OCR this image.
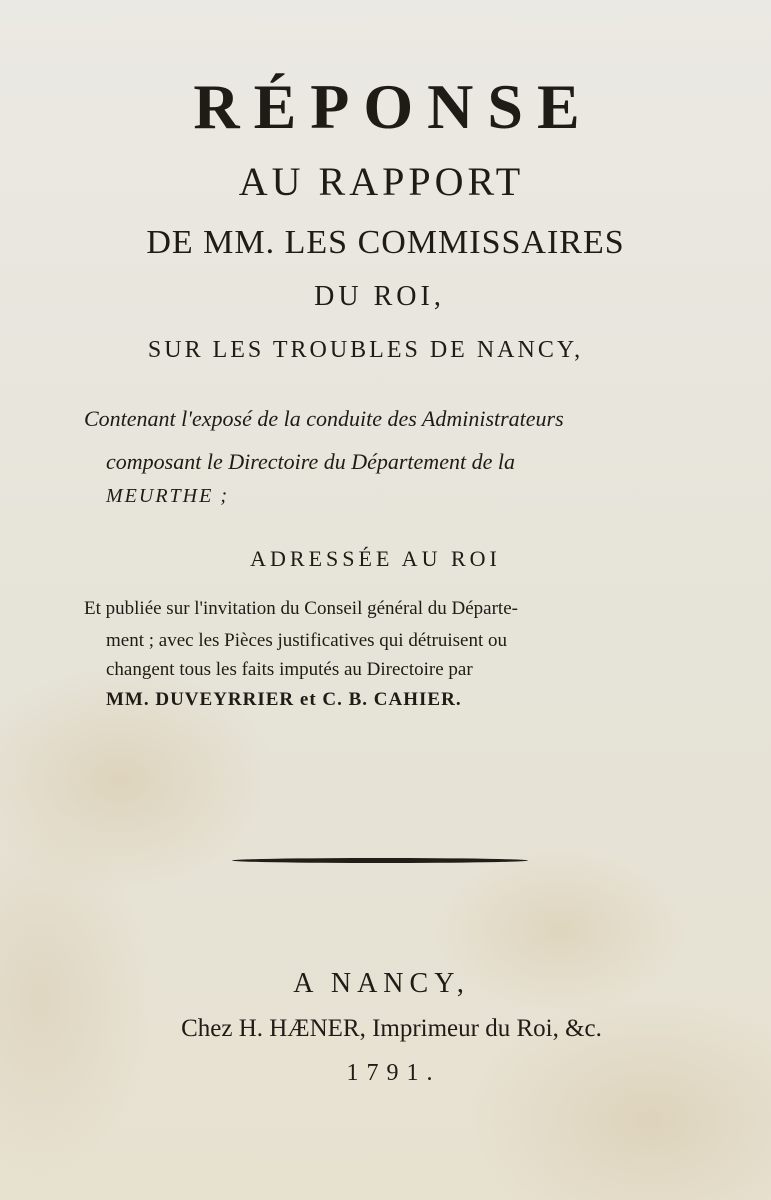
RÉPONSE
AU RAPPORT
DE MM. LES COMMISSAIRES
DU ROI,
SUR LES TROUBLES DE NANCY,
Contenant l'exposé de la conduite des Administrateurs
composant le Directoire du Département de la
MEURTHE ;
ADRESSÉE AU ROI
Et publiée sur l'invitation du Conseil général du Départe-
ment ; avec les Pièces justificatives qui détruisent ou
changent tous les faits imputés au Directoire par
MM. DUVEYRRIER et C. B. CAHIER.
A NANCY,
Chez H. HÆNER, Imprimeur du Roi, &c.
1791.
